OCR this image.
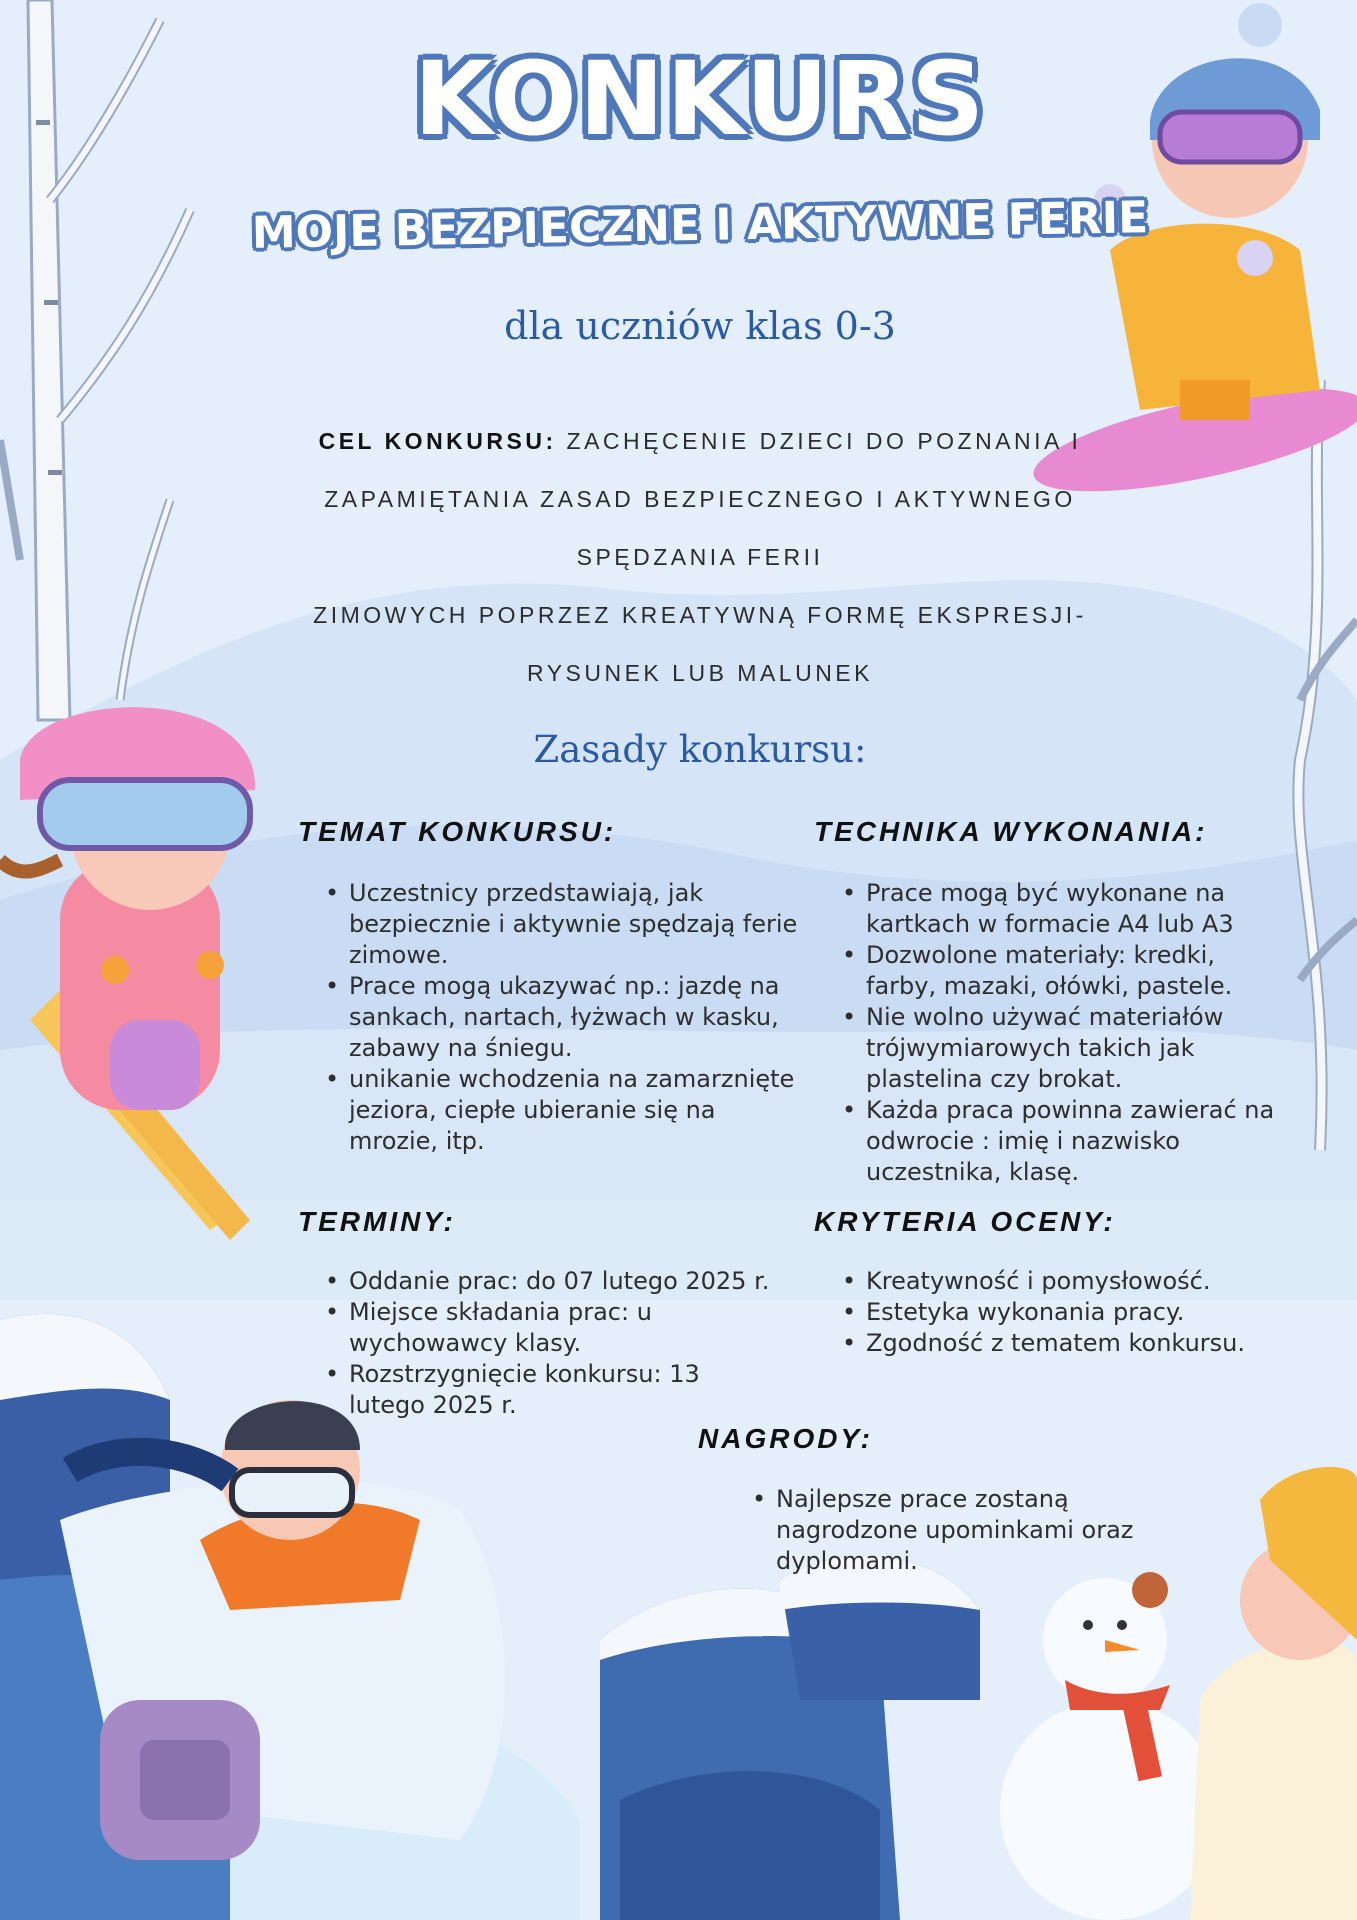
KONKURS
MOJE BEZPIECZNE I AKTYWNE FERIE
dla uczniów klas 0-3
CEL KONKURSU: ZACHĘCENIE DZIECI DO POZNANIA I
ZAPAMIĘTANIA ZASAD BEZPIECZNEGO I AKTYWNEGO
SPĘDZANIA FERII
ZIMOWYCH POPRZEZ KREATYWNĄ FORMĘ EKSPRESJI-
RYSUNEK LUB MALUNEK
Zasady konkursu:
TEMAT KONKURSU:
• Uczestnicy przedstawiają, jak bezpiecznie i aktywnie spędzają ferie zimowe.
• Prace mogą ukazywać np.: jazdę na sankach, nartach, łyżwach w kasku, zabawy na śniegu.
• unikanie wchodzenia na zamarznięte jeziora, ciepłe ubieranie się na mrozie, itp.
TECHNIKA WYKONANIA:
• Prace mogą być wykonane na kartkach w formacie A4 lub A3
• Dozwolone materiały: kredki, farby, mazaki, ołówki, pastele.
• Nie wolno używać materiałów trójwymiarowych takich jak plastelina czy brokat.
• Każda praca powinna zawierać na odwrocie : imię i nazwisko uczestnika, klasę.
TERMINY:
• Oddanie prac: do 07 lutego 2025 r.
• Miejsce składania prac: u wychowawcy klasy.
• Rozstrzygnięcie konkursu: 13 lutego 2025 r.
KRYTERIA OCENY:
• Kreatywność i pomysłowość.
• Estetyka wykonania pracy.
• Zgodność z tematem konkursu.
NAGRODY:
• Najlepsze prace zostaną nagrodzone upominkami oraz dyplomami.
